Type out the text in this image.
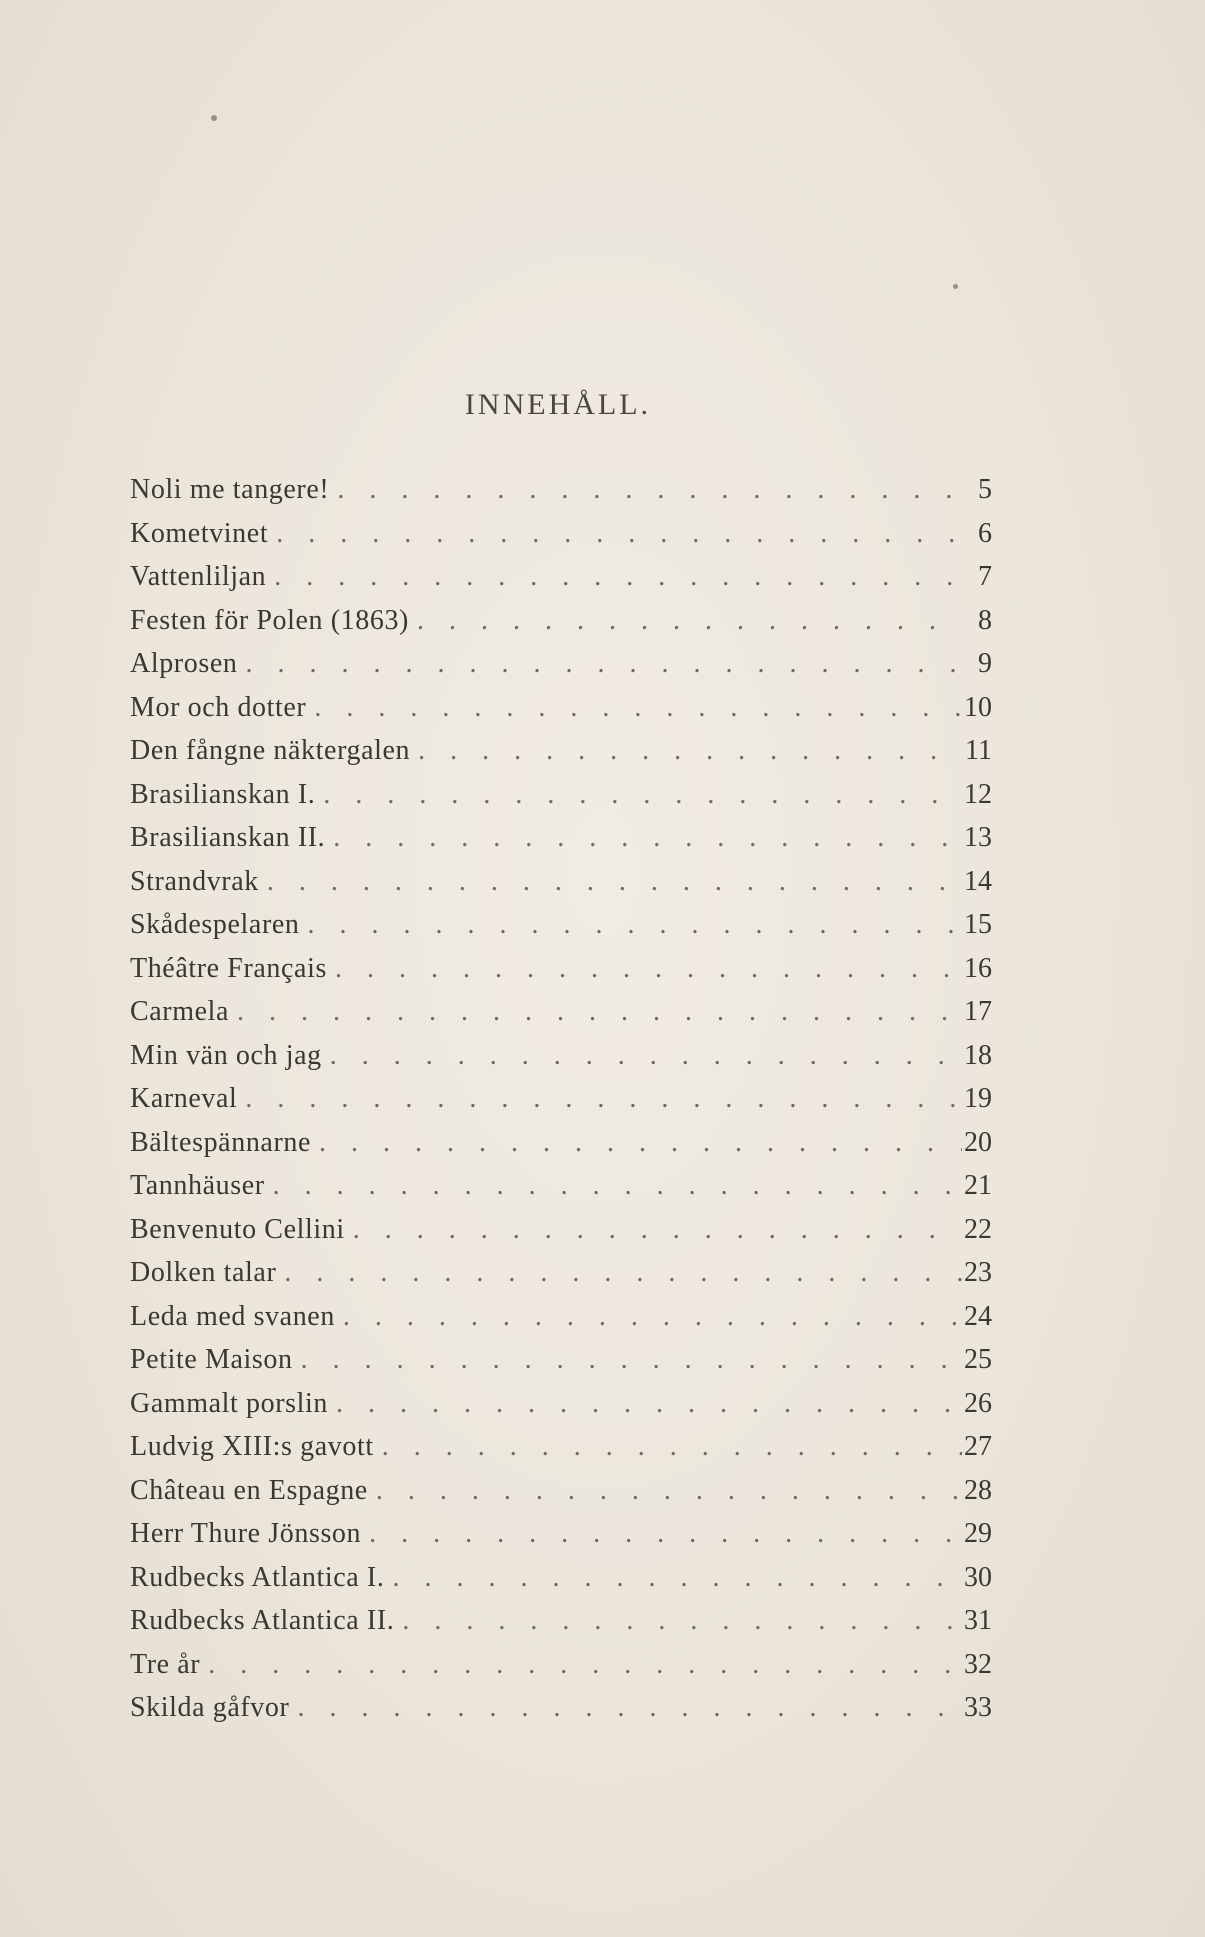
INNEHÅLL.
Noli me tangere! . . .	5
Kometvinet . . .	6
Vattenliljan . . .	7
Festen för Polen (1863) . . .	8
Alprosen . . .	9
Mor och dotter . . .	10
Den fångne näktergalen . . .	11
Brasilianskan I. . . .	12
Brasilianskan II. . . .	13
Strandvrak . . .	14
Skådespelaren . . .	15
Théâtre Français . . .	16
Carmela . . .	17
Min vän och jag . . .	18
Karneval . . .	19
Bältespännarne . . .	20
Tannhäuser . . .	21
Benvenuto Cellini . . .	22
Dolken talar . . .	23
Leda med svanen . . .	24
Petite Maison . . .	25
Gammalt porslin . . .	26
Ludvig XIII:s gavott . . .	27
Château en Espagne . . .	28
Herr Thure Jönsson . . .	29
Rudbecks Atlantica I. . . .	30
Rudbecks Atlantica II. . . .	31
Tre år . . .	32
Skilda gåfvor . . .	33
